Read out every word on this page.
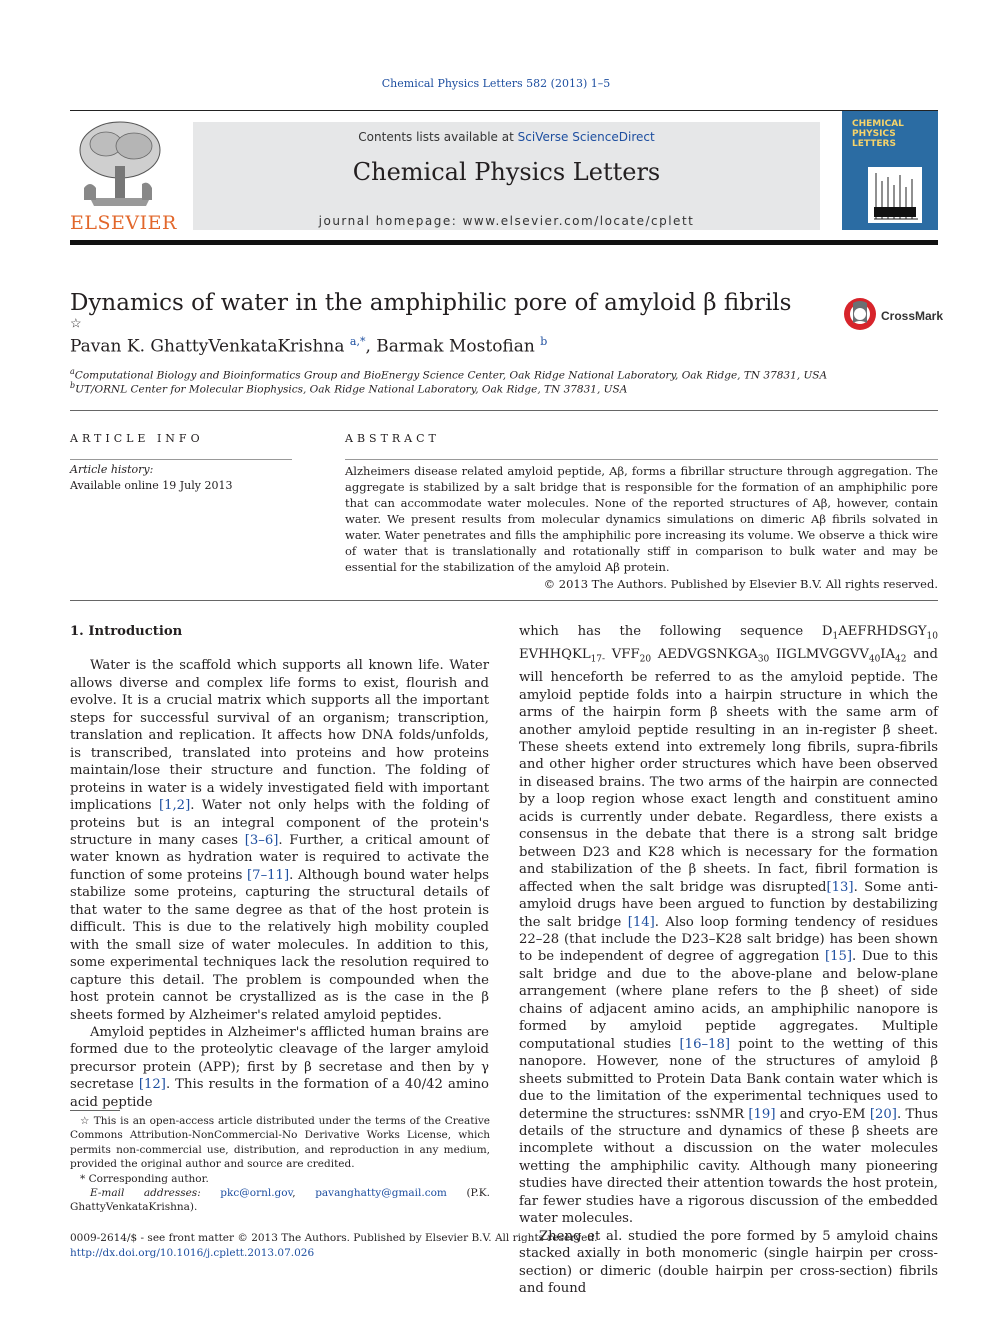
Chemical Physics Letters 582 (2013) 1–5
ELSEVIER
Contents lists available at SciVerse ScienceDirect
Chemical Physics Letters
journal homepage: www.elsevier.com/locate/cplett
CHEMICAL
PHYSICS
LETTERS
Dynamics of water in the amphiphilic pore of amyloid β fibrils ☆
CrossMark
Pavan K. GhattyVenkataKrishna $^{a,*}$, Barmak Mostofian $^b$
$^a$Computational Biology and Bioinformatics Group and BioEnergy Science Center, Oak Ridge National Laboratory, Oak Ridge, TN 37831, USA
$^b$UT/ORNL Center for Molecular Biophysics, Oak Ridge National Laboratory, Oak Ridge, TN 37831, USA
ARTICLE INFO
Article history:
Available online 19 July 2013
ABSTRACT
Alzheimers disease related amyloid peptide, Aβ, forms a fibrillar structure through aggregation. The aggregate is stabilized by a salt bridge that is responsible for the formation of an amphiphilic pore that can accommodate water molecules. None of the reported structures of Aβ, however, contain water. We present results from molecular dynamics simulations on dimeric Aβ fibrils solvated in water. Water penetrates and fills the amphiphilic pore increasing its volume. We observe a thick wire of water that is translationally and rotationally stiff in comparison to bulk water and may be essential for the stabilization of the amyloid Aβ protein.
© 2013 The Authors. Published by Elsevier B.V. All rights reserved.

1. Introduction

Water is the scaffold which supports all known life. Water allows diverse and complex life forms to exist, flourish and evolve. It is a crucial matrix which supports all the important steps for successful survival of an organism; transcription, translation and replication. It affects how DNA folds/unfolds, is transcribed, translated into proteins and how proteins maintain/lose their structure and function. The folding of proteins in water is a widely investigated field with important implications [1,2]. Water not only helps with the folding of proteins but is an integral component of the protein's structure in many cases [3–6]. Further, a critical amount of water known as hydration water is required to activate the function of some proteins [7–11]. Although bound water helps stabilize some proteins, capturing the structural details of that water to the same degree as that of the host protein is difficult. This is due to the relatively high mobility coupled with the small size of water molecules. In addition to this, some experimental techniques lack the resolution required to capture this detail. The problem is compounded when the host protein cannot be crystallized as is the case in the β sheets formed by Alzheimer's related amyloid peptides.

Amyloid peptides in Alzheimer's afflicted human brains are formed due to the proteolytic cleavage of the larger amyloid precursor protein (APP); first by β secretase and then by γ secretase [12]. This results in the formation of a 40/42 amino acid peptide

which has the following sequence $D_1AEFRHDSGY_{10}$ $EVHHQKL_{17-}$ $VFF_{20}$ $AEDVGSNKGA_{30}$ $IIGLMVGGVV_{40}IA_{42}$ and will henceforth be referred to as the amyloid peptide. The amyloid peptide folds into a hairpin structure in which the arms of the hairpin form β sheets with the same arm of another amyloid peptide resulting in an in-register β sheet. These sheets extend into extremely long fibrils, supra-fibrils and other higher order structures which have been observed in diseased brains. The two arms of the hairpin are connected by a loop region whose exact length and constituent amino acids is currently under debate. Regardless, there exists a consensus in the debate that there is a strong salt bridge between D23 and K28 which is necessary for the formation and stabilization of the β sheets. In fact, fibril formation is affected when the salt bridge was disrupted[13]. Some anti-amyloid drugs have been argued to function by destabilizing the salt bridge [14]. Also loop forming tendency of residues 22–28 (that include the D23–K28 salt bridge) has been shown to be independent of degree of aggregation [15]. Due to this salt bridge and due to the above-plane and below-plane arrangement (where plane refers to the β sheet) of side chains of adjacent amino acids, an amphiphilic nanopore is formed by amyloid peptide aggregates. Multiple computational studies [16–18] point to the wetting of this nanopore. However, none of the structures of amyloid β sheets submitted to Protein Data Bank contain water which is due to the limitation of the experimental techniques used to determine the structures: ssNMR [19] and cryo-EM [20]. Thus details of the structure and dynamics of these β sheets are incomplete without a discussion on the water molecules wetting the amphiphilic cavity. Although many pioneering studies have directed their attention towards the host protein, far fewer studies have a rigorous discussion of the embedded water molecules.

Zheng et al. studied the pore formed by 5 amyloid chains stacked axially in both monomeric (single hairpin per cross-section) or dimeric (double hairpin per cross-section) fibrils and found

☆ This is an open-access article distributed under the terms of the Creative Commons Attribution-NonCommercial-No Derivative Works License, which permits non-commercial use, distribution, and reproduction in any medium, provided the original author and source are credited.
* Corresponding author.
E-mail addresses: pkc@ornl.gov, pavanghatty@gmail.com (P.K. GhattyVenkataKrishna).
0009-2614/$ - see front matter © 2013 The Authors. Published by Elsevier B.V. All rights reserved.
http://dx.doi.org/10.1016/j.cplett.2013.07.026
